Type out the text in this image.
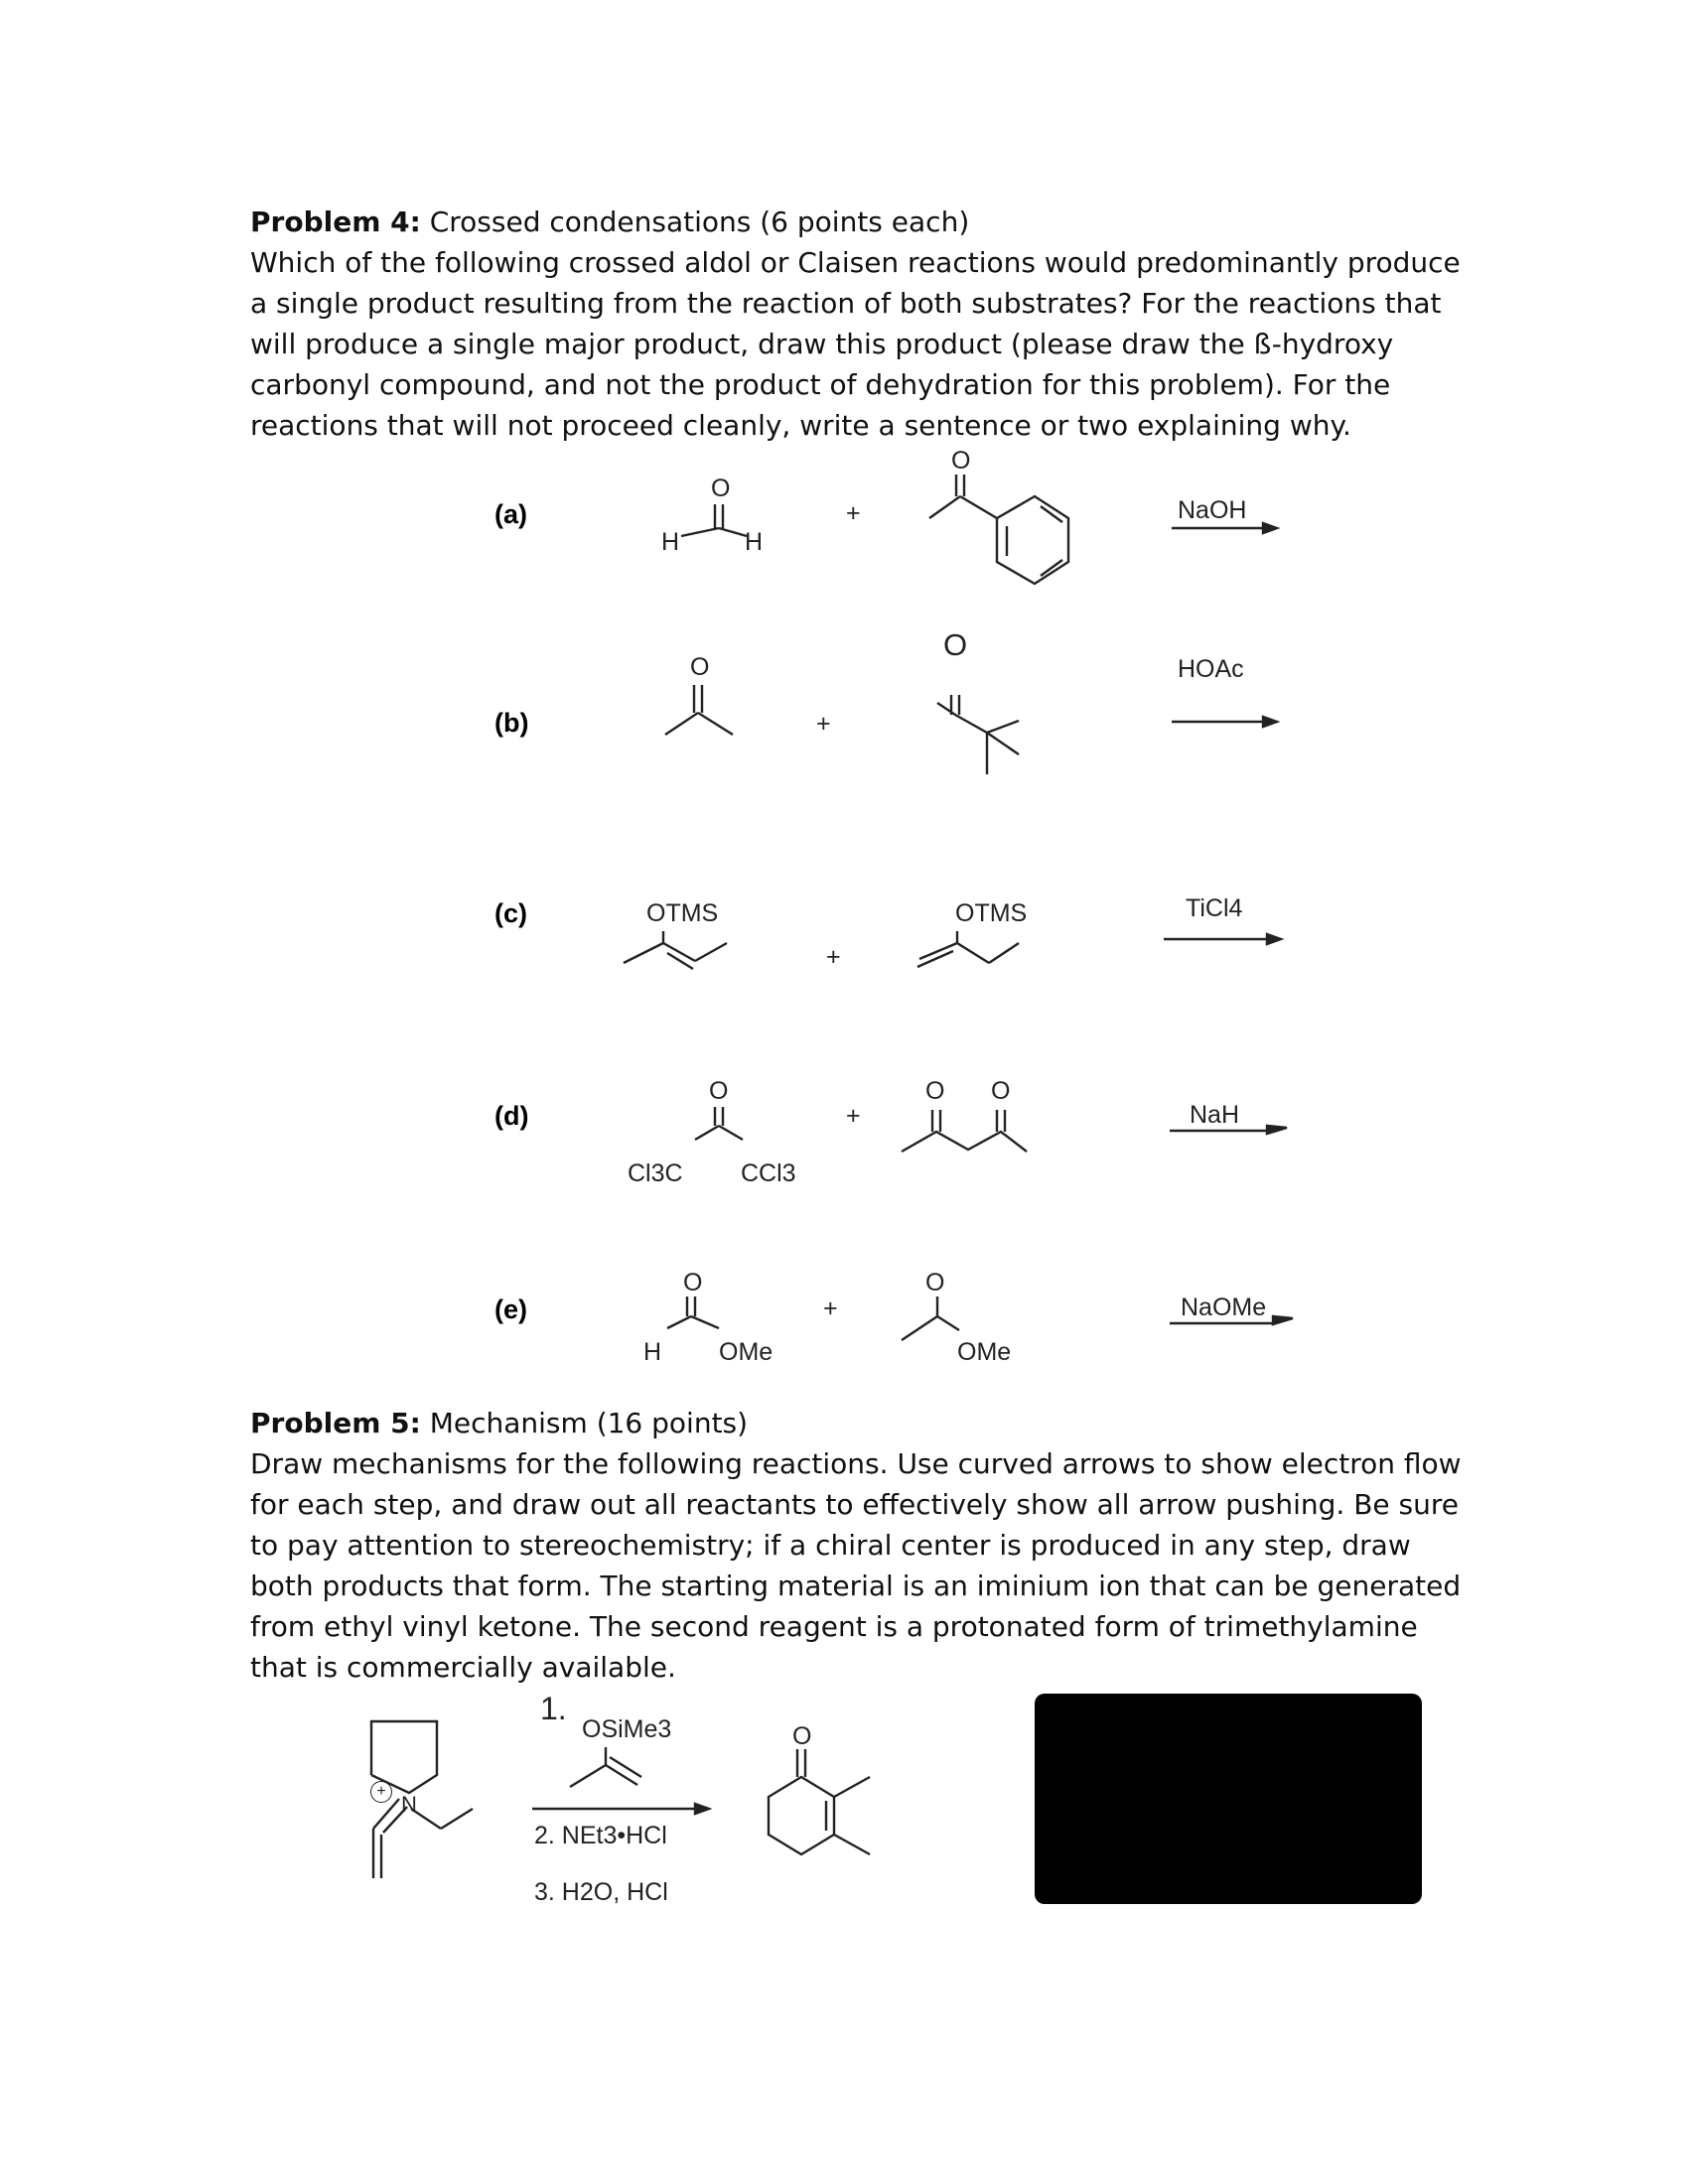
Problem 4: Crossed condensations (6 points each)

Which of the following crossed aldol or Claisen reactions would predominantly produce a single product resulting from the reaction of both substrates? For the reactions that will produce a single major product, draw this product (please draw the ß-hydroxy carbonyl compound, and not the product of dehydration for this problem). For the reactions that will not proceed cleanly, write a sentence or two explaining why.

(a)
(b)
(c)
(d)
(e)
O
H	H
+
O
NaOH
O
+
O
HOAc
OTMS
+
OTMS	TiCl4
O
Cl3C CCl3
+
O O
NaH
O
H OMe
+
O
OMe
NaOMe

Problem 5: Mechanism (16 points)

Draw mechanisms for the following reactions. Use curved arrows to show electron flow for each step, and draw out all reactants to effectively show all arrow pushing. Be sure to pay attention to stereochemistry; if a chiral center is produced in any step, draw both products that form. The starting material is an iminium ion that can be generated from ethyl vinyl ketone. The second reagent is a protonated form of trimethylamine that is commercially available.

1.
OSiMe3
2. NEt3•HCl
3. H2O, HCl
N
+
O
